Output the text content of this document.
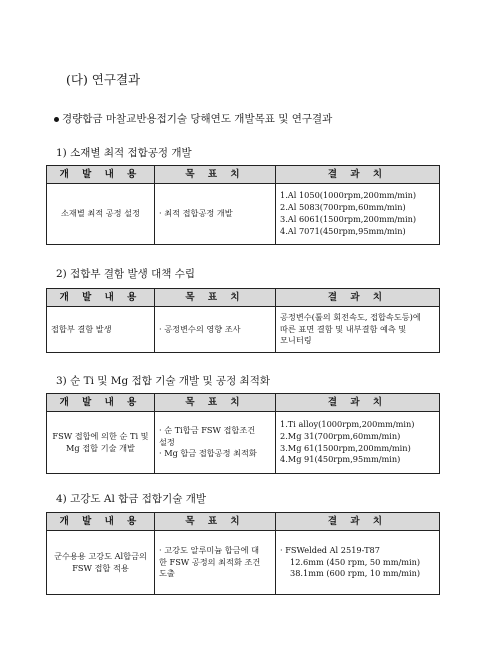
(다) 연구결과
경량합금 마찰교반용접기술 당해연도 개발목표 및 연구결과
1) 소재별 최적 접합공정 개발
개 발 내 용	목 표 치	결 과 치

소재별 최적 공정 설정	· 최적 접합공정 개발	1.Al 1050(1000rpm,200mm/min)
2.Al 5083(700rpm,60mm/min)
3.Al 6061(1500rpm,200mm/min)
4.Al 7071(450rpm,95mm/min)
2) 접합부 결함 발생 대책 수립
개 발 내 용	목 표 치	결 과 치

접합부 결함 발생	· 공정변수의 영향 조사	공정변수(툴의 회전속도, 접합속도등)에
따른 표면 결함 및 내부결함 예측 및
모니터링
3) 순 Ti 및 Mg 접합 기술 개발 및 공정 최적화
개 발 내 용	목 표 치	결 과 치

FSW 접합에 의한 순 Ti 및
Mg 접합 기술 개발	· 순 Ti합금 FSW 접합조건
설정
· Mg 합금 접합공정 최적화	1.Ti alloy(1000rpm,200mm/min)
2.Mg 31(700rpm,60mm/min)
3.Mg 61(1500rpm,200mm/min)
4.Mg 91(450rpm,95mm/min)
4) 고강도 Al 합금 접합기술 개발
개 발 내 용	목 표 치	결 과 치

군수용용 고강도 Al합금의
FSW 접합 적용	· 고강도 알루미늄 합금에 대
한 FSW 공정의 최적화 조건
도출	· FSWelded Al 2519-T87
12.6mm (450 rpm, 50 mm/min)
38.1mm (600 rpm, 10 mm/min)
